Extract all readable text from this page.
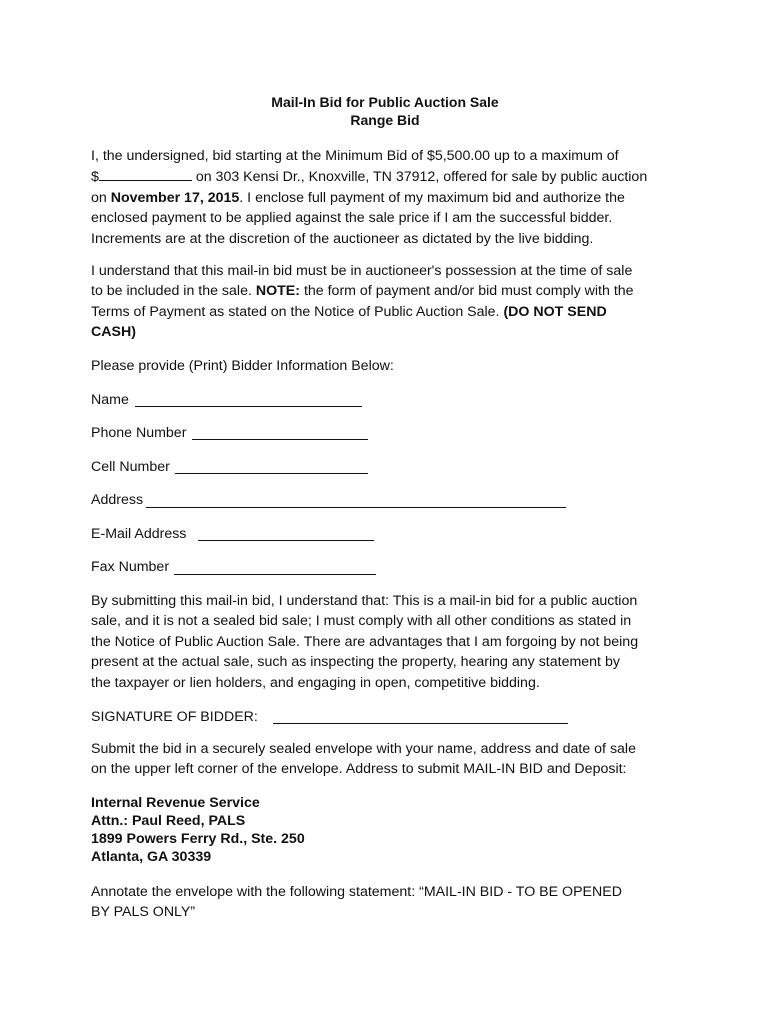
Mail-In Bid for Public Auction Sale
Range Bid
I, the undersigned, bid starting at the Minimum Bid of $5,500.00 up to a maximum of
$	on 303 Kensi Dr., Knoxville, TN 37912, offered for sale by public auction
on November 17, 2015. I enclose full payment of my maximum bid and authorize the
enclosed payment to be applied against the sale price if I am the successful bidder.
Increments are at the discretion of the auctioneer as dictated by the live bidding.
I understand that this mail-in bid must be in auctioneer's possession at the time of sale
to be included in the sale. NOTE: the form of payment and/or bid must comply with the
Terms of Payment as stated on the Notice of Public Auction Sale. (DO NOT SEND
CASH)
Please provide (Print) Bidder Information Below:
Name
Phone Number
Cell Number
Address
E-Mail Address
Fax Number
By submitting this mail-in bid, I understand that: This is a mail-in bid for a public auction
sale, and it is not a sealed bid sale; I must comply with all other conditions as stated in
the Notice of Public Auction Sale. There are advantages that I am forgoing by not being
present at the actual sale, such as inspecting the property, hearing any statement by
the taxpayer or lien holders, and engaging in open, competitive bidding.
SIGNATURE OF BIDDER:
Submit the bid in a securely sealed envelope with your name, address and date of sale
on the upper left corner of the envelope. Address to submit MAIL-IN BID and Deposit:
Internal Revenue Service
Attn.: Paul Reed, PALS
1899 Powers Ferry Rd., Ste. 250
Atlanta, GA 30339
Annotate the envelope with the following statement: “MAIL-IN BID - TO BE OPENED
BY PALS ONLY”
